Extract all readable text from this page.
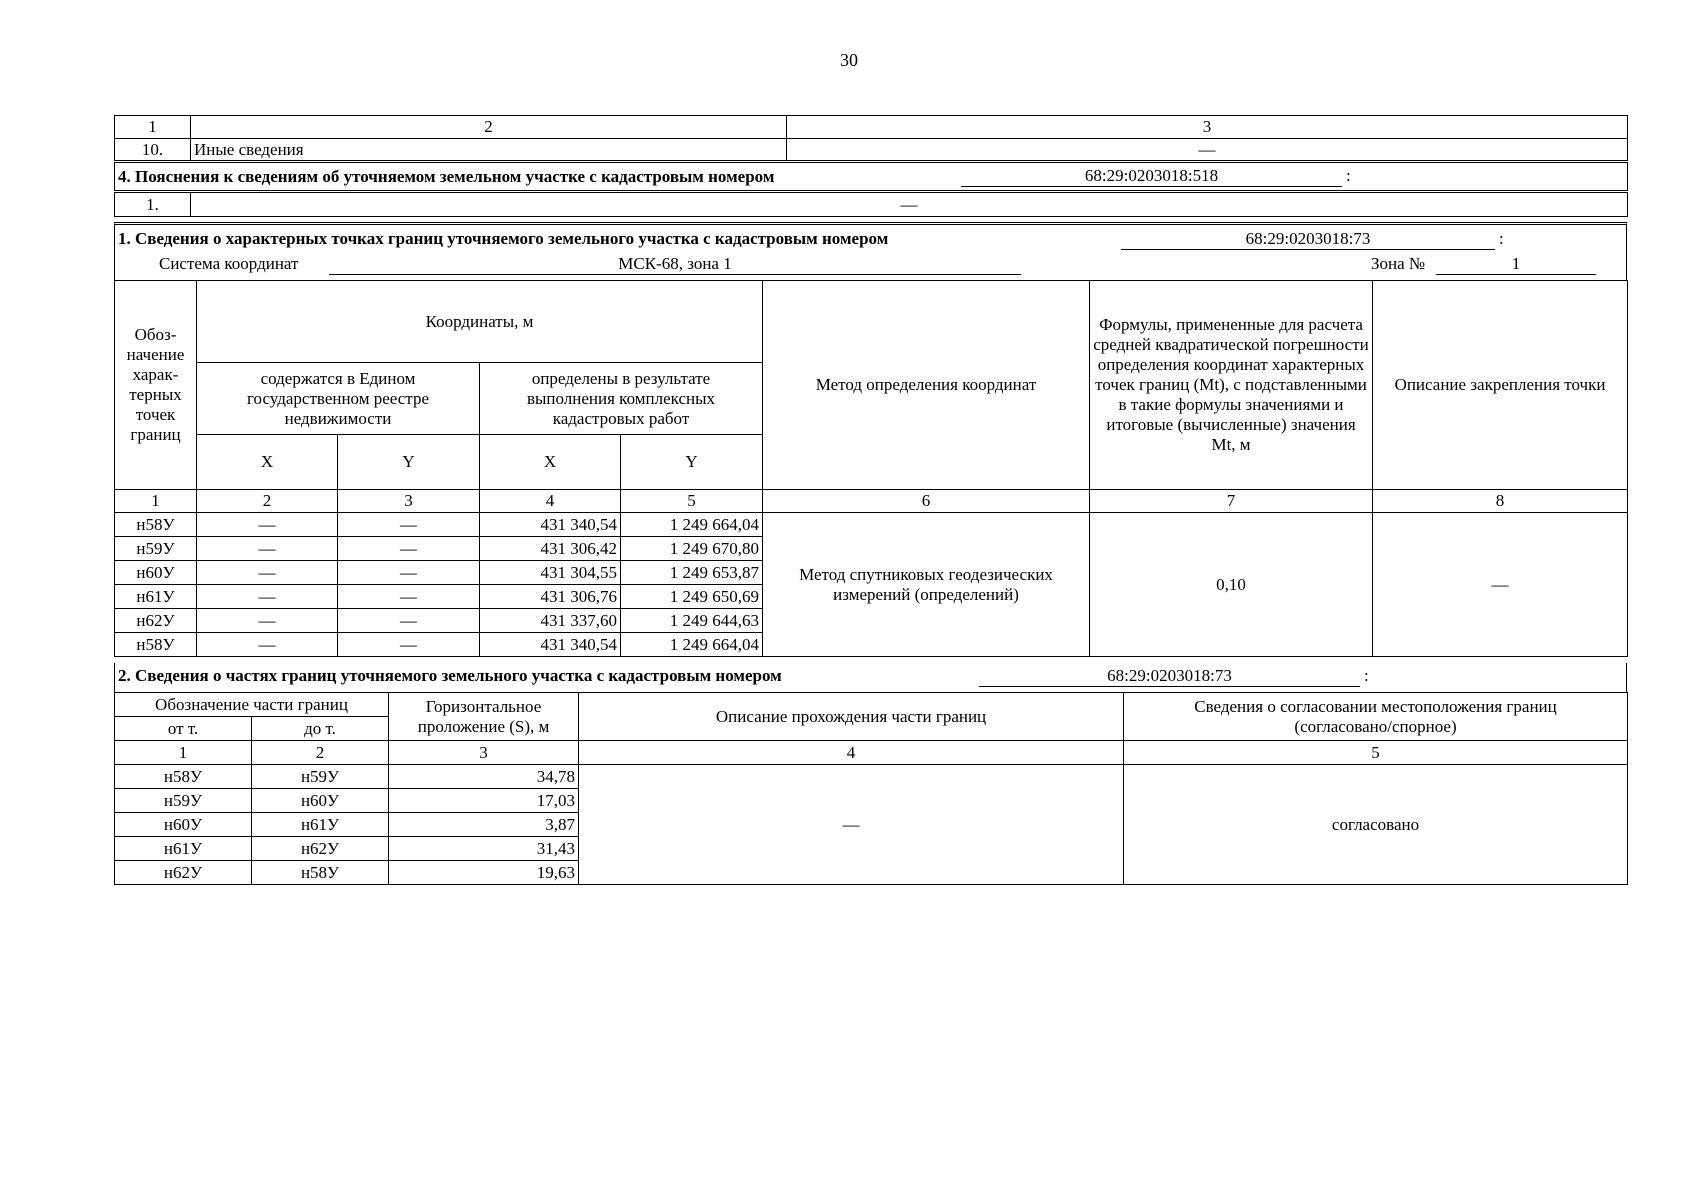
30
1	2	3
10.	Иные сведения	—
4. Пояснения к сведениям об уточняемом земельном участке с кадастровым номером 68:29:0203018:518 :		

1.	—	
1. Сведения о характерных точках границ уточняемого земельного участка с кадастровым номером	68:29:0203018:73	:
Система координат	МСК-68, зона 1	Зона №	1
Обоз- начение харак- терных точек границ	Координаты, м				Метод определения координат	Формулы, примененные для расчета средней квадратической погрешности определения координат характерных точек границ (Mt), с подставленными в такие формулы значениями и итоговые (вычисленные) значения Mt, м	Описание закрепления точки
	содержатся в Едином государственном реестре недвижимости		определены в результате выполнения комплексных кадастровых работ				
	X	Y	X	Y			
1	2	3	4	5	6	7	8
н58У	—	—	431 340,54	1 249 664,04	Метод спутниковых геодезических измерений (определений)	0,10	—
н59У	—	—	431 306,42	1 249 670,80			
н60У	—	—	431 304,55	1 249 653,87			
н61У	—	—	431 306,76	1 249 650,69			
н62У	—	—	431 337,60	1 249 644,63			
н58У	—	—	431 340,54	1 249 664,04			
2. Сведения о частях границ уточняемого земельного участка с кадастровым номером	68:29:0203018:73	:
Обозначение части границ		Горизонтальное проложение (S), м	Описание прохождения части границ	Сведения о согласовании местоположения границ (согласовано/спорное)
от т.	до т.			
1	2	3	4	5
н58У	н59У	34,78	—	согласовано
н59У	н60У	17,03		
н60У	н61У	3,87		
н61У	н62У	31,43		
н62У	н58У	19,63		
